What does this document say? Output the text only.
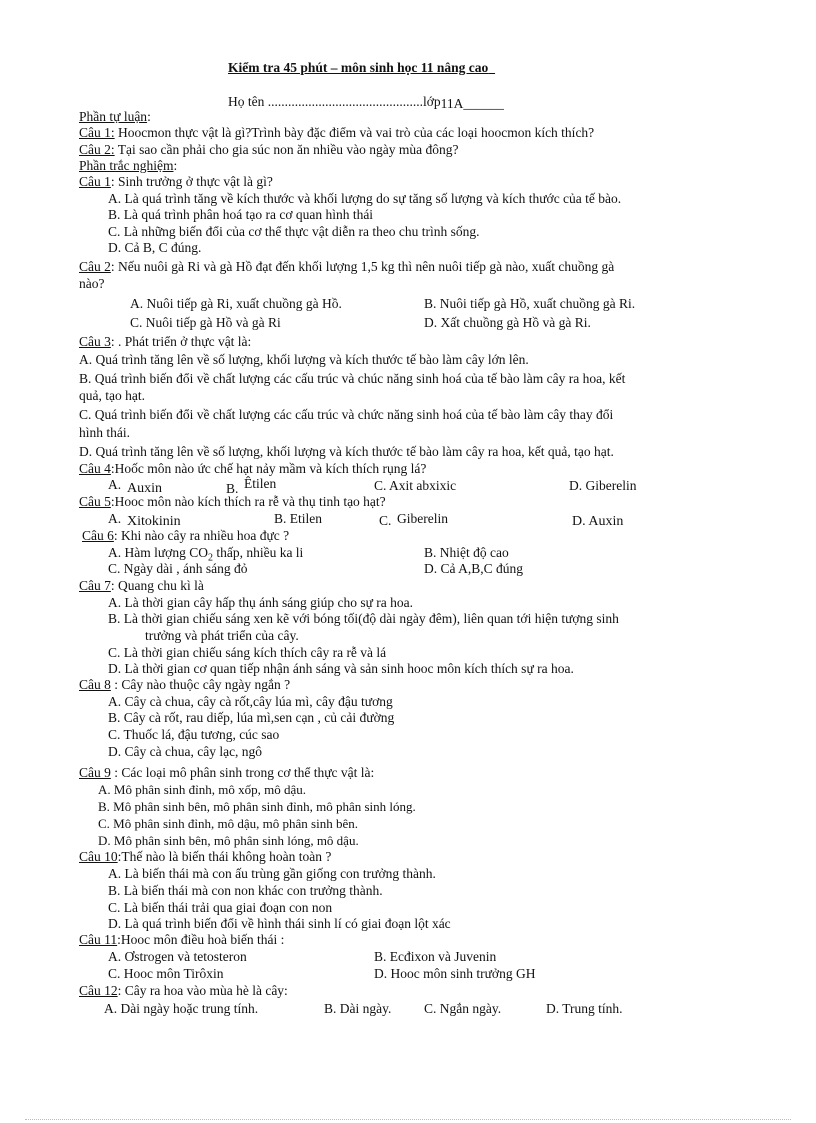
Kiểm tra 45 phút – môn sinh học 11 nâng cao
Họ tên ..............................................lớp11A______
Phần tự luận:
Câu 1: Hoocmon thực vật là gì?Trình bày đặc điểm và vai trò của các loại hoocmon kích thích?
Câu 2: Tại sao cần phải cho gia súc non ăn nhiều vào ngày mùa đông?
Phần trắc nghiệm:
Câu 1: Sinh trưởng ở thực vật là gì?
A. Là quá trình tăng về kích thước và khối lượng do sự tăng số lượng và kích thước của tế bào.
B. Là quá trình phân hoá tạo ra cơ quan hình thái
C. Là những biến đổi của cơ thể thực vật diễn ra theo chu trình sống.
D. Cả B, C đúng.
Câu 2: Nếu nuôi gà Ri và gà Hồ đạt đến khối lượng 1,5 kg thì nên nuôi tiếp gà nào, xuất chuồng gà
nào?
A. Nuôi tiếp gà Ri, xuất chuồng gà Hồ.	B. Nuôi tiếp gà Hồ, xuất chuồng gà Ri.
C. Nuôi tiếp gà Hồ và gà Ri	D. Xất chuồng gà Hồ và gà Ri.
Câu 3: . Phát triển ở thực vật là:
A. Quá trình tăng lên về số lượng, khối lượng và kích thước tế bào làm cây lớn lên.
B. Quá trình biến đổi về chất lượng các cấu trúc và chúc năng sinh hoá của tế bào làm cây ra hoa, kết
quả, tạo hạt.
C. Quá trình biến đổi về chất lượng các cấu trúc và chức năng sinh hoá của tế bào làm cây thay đổi
hình thái.
D. Quá trình tăng lên về số lượng, khối lượng và kích thước tế bào làm cây ra hoa, kết quả, tạo hạt.
Câu 4:Hoốc môn nào ức chế hạt nảy mầm và kích thích rụng lá?
A. Auxin	B. Êtilen	C. Axit abxixic	D. Giberelin
Câu 5:Hooc môn nào kích thích ra rễ và thụ tinh tạo hạt?
A. Xitokinin	B. Etilen	C. Giberelin	D. Auxin
Câu 6: Khi nào cây ra nhiều hoa đực ?
A. Hàm lượng $CO_2$ thấp, nhiều ka li	B. Nhiệt độ cao
C. Ngày dài , ánh sáng đỏ	D. Cả A,B,C đúng
Câu 7: Quang chu kì là
A. Là thời gian cây hấp thụ ánh sáng giúp cho sự ra hoa.
B. Là thời gian chiếu sáng xen kẽ với bóng tối(độ dài ngày đêm), liên quan tới hiện tượng sinh
trưởng và phát triển của cây.
C. Là thời gian chiếu sáng kích thích cây ra rễ và lá
D. Là thời gian cơ quan tiếp nhận ánh sáng và sản sinh hooc môn kích thích sự ra hoa.
Câu 8 : Cây nào thuộc cây ngày ngắn ?
A. Cây cà chua, cây cà rốt,cây lúa mì, cây đậu tương
B. Cây cà rốt, rau diếp, lúa mì,sen cạn , củ cải đường
C. Thuốc lá, đậu tương, cúc sao
D. Cây cà chua, cây lạc, ngô
Câu 9 : Các loại mô phân sinh trong cơ thể thực vật là:
A. Mô phân sinh đỉnh, mô xốp, mô dậu.
B. Mô phân sinh bên, mô phân sinh đỉnh, mô phân sinh lóng.
C. Mô phân sinh đỉnh, mô dậu, mô phân sinh bên.
D. Mô phân sinh bên, mô phân sinh lóng, mô dậu.
Câu 10:Thế nào là biến thái không hoàn toàn ?
A. Là biến thái mà con ấu trùng gần giống con trưởng thành.
B. Là biến thái mà con non khác con trưởng thành.
C. Là biến thái trải qua giai đoạn con non
D. Là quá trình biến đổi về hình thái sinh lí có giai đoạn lột xác
Câu 11:Hooc môn điều hoà biến thái :
A. Ơstrogen và tetosteron	B. Ecđixon và Juvenin
C. Hooc môn Tirôxin	D. Hooc môn sinh trưởng GH
Câu 12: Cây ra hoa vào mùa hè là cây:
A. Dài ngày hoặc trung tính.	B. Dài ngày. C. Ngắn ngày.	D. Trung tính.
